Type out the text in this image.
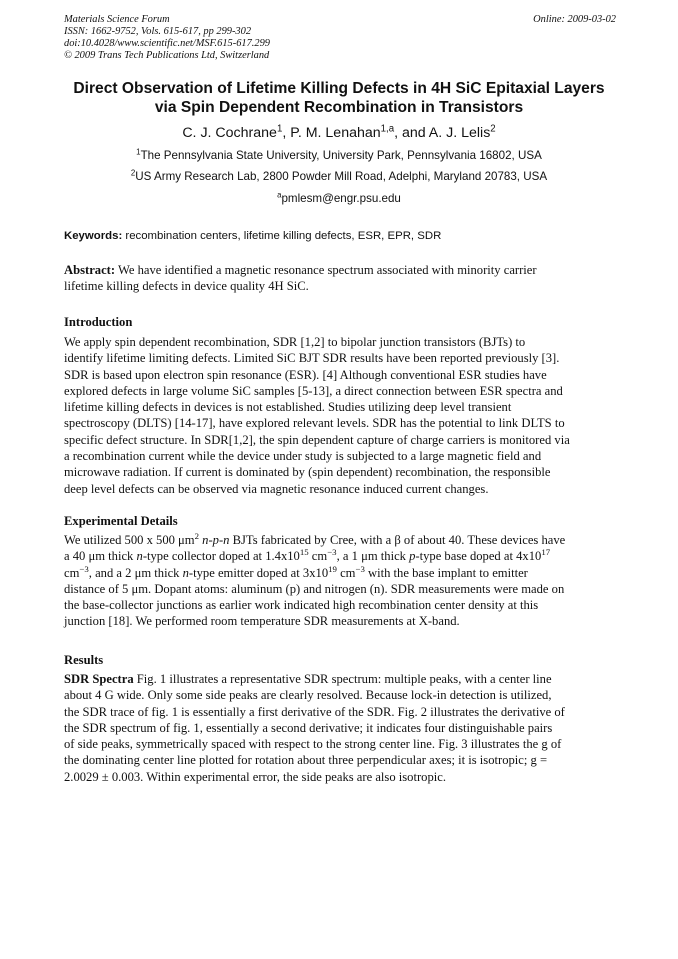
Materials Science Forum
ISSN: 1662-9752, Vols. 615-617, pp 299-302
doi:10.4028/www.scientific.net/MSF.615-617.299
© 2009 Trans Tech Publications Ltd, Switzerland
Online: 2009-03-02
Direct Observation of Lifetime Killing Defects in 4H SiC Epitaxial Layers
via Spin Dependent Recombination in Transistors
C. J. Cochrane$^1$, P. M. Lenahan$^{1,a}$, and A. J. Lelis$^2$
$^1$The Pennsylvania State University, University Park, Pennsylvania 16802, USA
$^2$US Army Research Lab, 2800 Powder Mill Road, Adelphi, Maryland 20783, USA
$^a$pmlesm@engr.psu.edu
Keywords: recombination centers, lifetime killing defects, ESR, EPR, SDR
Abstract: We have identified a magnetic resonance spectrum associated with minority carrier
lifetime killing defects in device quality 4H SiC.
Introduction
We apply spin dependent recombination, SDR [1,2] to bipolar junction transistors (BJTs) to
identify lifetime limiting defects. Limited SiC BJT SDR results have been reported previously [3].
SDR is based upon electron spin resonance (ESR). [4] Although conventional ESR studies have
explored defects in large volume SiC samples [5-13], a direct connection between ESR spectra and
lifetime killing defects in devices is not established. Studies utilizing deep level transient
spectroscopy (DLTS) [14-17], have explored relevant levels. SDR has the potential to link DLTS to
specific defect structure. In SDR[1,2], the spin dependent capture of charge carriers is monitored via
a recombination current while the device under study is subjected to a large magnetic field and
microwave radiation. If current is dominated by (spin dependent) recombination, the responsible
deep level defects can be observed via magnetic resonance induced current changes.
Experimental Details
We utilized 500 x 500 $\mu m^2$ n-p-n BJTs fabricated by Cree, with a β of about 40. These devices have
a 40 μm thick n-type collector doped at $1.4x10^{15}$ $cm^{-3}$, a 1 μm thick p-type base doped at $4x10^{17}$
$cm^{-3}$, and a 2 μm thick n-type emitter doped at $3x10^{19}$ $cm^{-3}$ with the base implant to emitter
distance of 5 μm. Dopant atoms: aluminum (p) and nitrogen (n). SDR measurements were made on
the base-collector junctions as earlier work indicated high recombination center density at this
junction [18]. We performed room temperature SDR measurements at X-band.
Results
SDR Spectra Fig. 1 illustrates a representative SDR spectrum: multiple peaks, with a center line
about 4 G wide. Only some side peaks are clearly resolved. Because lock-in detection is utilized,
the SDR trace of fig. 1 is essentially a first derivative of the SDR. Fig. 2 illustrates the derivative of
the SDR spectrum of fig. 1, essentially a second derivative; it indicates four distinguishable pairs
of side peaks, symmetrically spaced with respect to the strong center line. Fig. 3 illustrates the g of
the dominating center line plotted for rotation about three perpendicular axes; it is isotropic; g =
2.0029 ± 0.003. Within experimental error, the side peaks are also isotropic.
